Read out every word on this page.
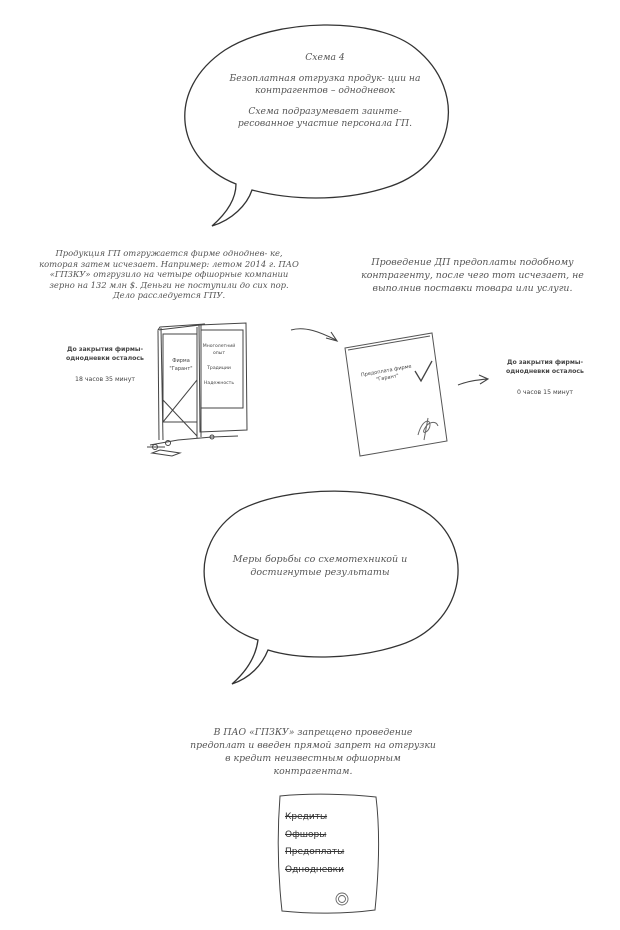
Схема 4

Безоплатная отгрузка продук- ции на контрагентов – однодневок

Схема подразумевает заинте- ресованное участие персонала ГП.

Продукция ГП отгружается фирме одноднев- ке, которая затем исчезает. Например: летом 2014 г. ПАО «ГПЗКУ» отгрузило на четыре офшорные компании зерно на 132 млн $. Деньги не поступили до сих пор. Дело расследуется ГПУ.
Проведение ДП предоплаты подобному контрагенту, после чего тот исчезает, не выполнив поставки товара или услуги.
До закрытия фирмы-однодневки осталось
18 часов 35 минут
До закрытия фирмы-однодневки осталось
0 часов 15 минут
Фирма "Гарант"
Многолетний опыт
Традиции
Надежность
Предоплата фирме "Гарант"
Меры борьбы со схемотехникой и достигнутые результаты
В ПАО «ГПЗКУ» запрещено проведение предоплат и введен прямой запрет на отгрузки в кредит неизвестным офшорным контрагентам.
Кредиты
Офшоры
Предоплаты
Однодневки
